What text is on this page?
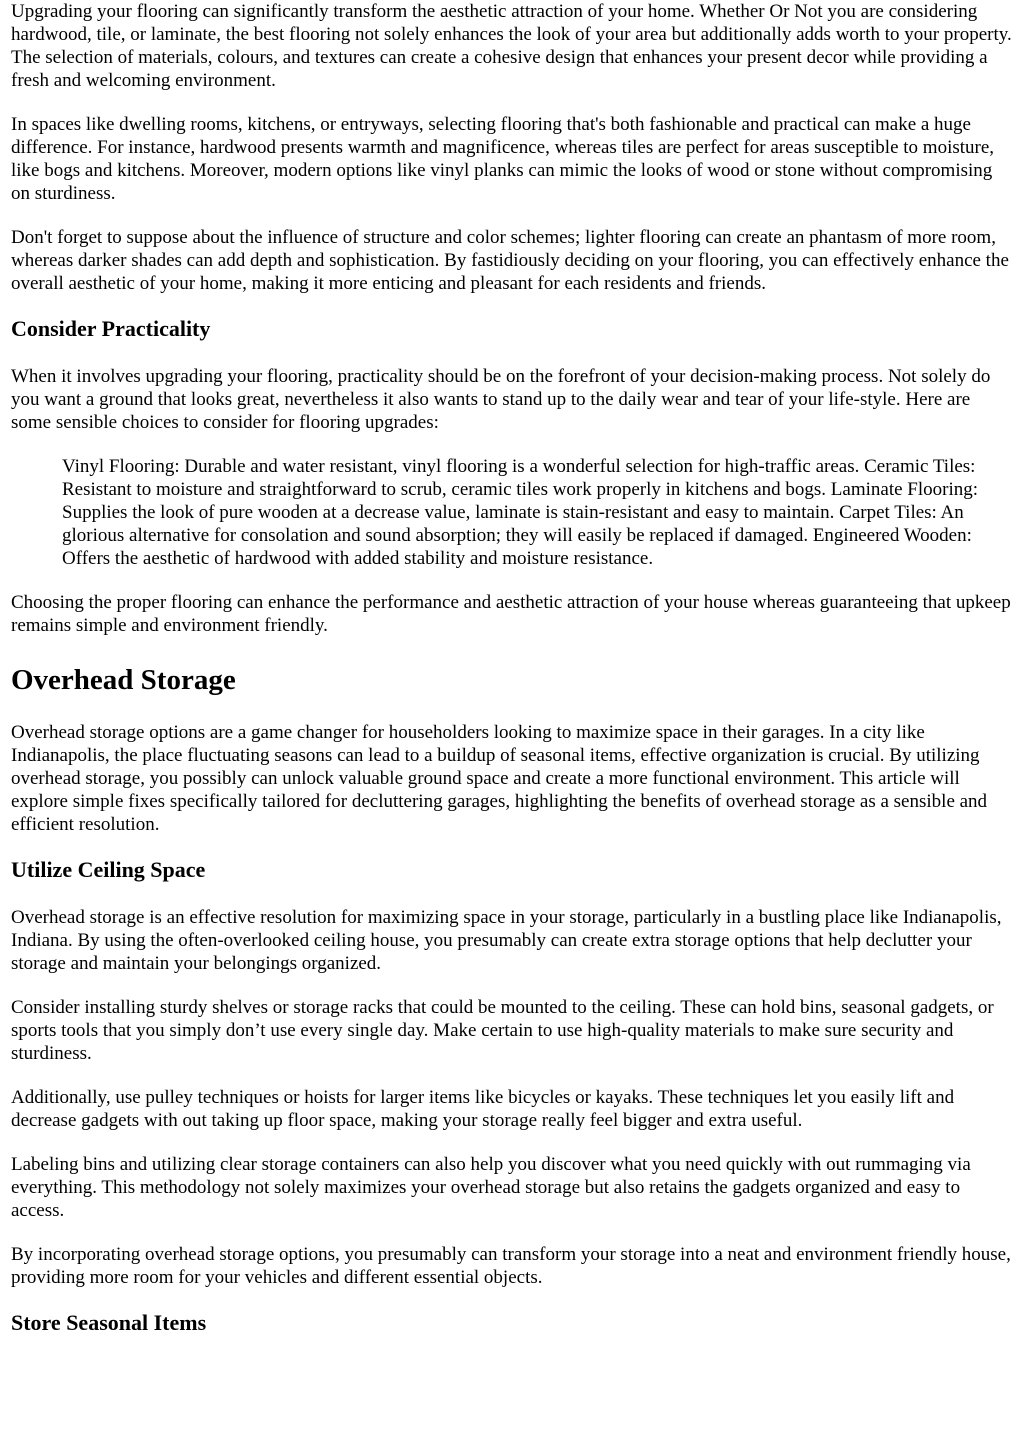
Upgrading your flooring can significantly transform the aesthetic attraction of your home. Whether Or Not you are considering hardwood, tile, or laminate, the best flooring not solely enhances the look of your area but additionally adds worth to your property. The selection of materials, colours, and textures can create a cohesive design that enhances your present decor while providing a fresh and welcoming environment.

In spaces like dwelling rooms, kitchens, or entryways, selecting flooring that's both fashionable and practical can make a huge difference. For instance, hardwood presents warmth and magnificence, whereas tiles are perfect for areas susceptible to moisture, like bogs and kitchens. Moreover, modern options like vinyl planks can mimic the looks of wood or stone without compromising on sturdiness.

Don't forget to suppose about the influence of structure and color schemes; lighter flooring can create an phantasm of more room, whereas darker shades can add depth and sophistication. By fastidiously deciding on your flooring, you can effectively enhance the overall aesthetic of your home, making it more enticing and pleasant for each residents and friends.

Consider Practicality

When it involves upgrading your flooring, practicality should be on the forefront of your decision-making process. Not solely do you want a ground that looks great, nevertheless it also wants to stand up to the daily wear and tear of your life-style. Here are some sensible choices to consider for flooring upgrades:

Vinyl Flooring: Durable and water resistant, vinyl flooring is a wonderful selection for high-traffic areas. Ceramic Tiles: Resistant to moisture and straightforward to scrub, ceramic tiles work properly in kitchens and bogs. Laminate Flooring: Supplies the look of pure wooden at a decrease value, laminate is stain-resistant and easy to maintain. Carpet Tiles: An glorious alternative for consolation and sound absorption; they will easily be replaced if damaged. Engineered Wooden: Offers the aesthetic of hardwood with added stability and moisture resistance.

Choosing the proper flooring can enhance the performance and aesthetic attraction of your house whereas guaranteeing that upkeep remains simple and environment friendly.

Overhead Storage

Overhead storage options are a game changer for householders looking to maximize space in their garages. In a city like Indianapolis, the place fluctuating seasons can lead to a buildup of seasonal items, effective organization is crucial. By utilizing overhead storage, you possibly can unlock valuable ground space and create a more functional environment. This article will explore simple fixes specifically tailored for decluttering garages, highlighting the benefits of overhead storage as a sensible and efficient resolution.

Utilize Ceiling Space

Overhead storage is an effective resolution for maximizing space in your storage, particularly in a bustling place like Indianapolis, Indiana. By using the often-overlooked ceiling house, you presumably can create extra storage options that help declutter your storage and maintain your belongings organized.

Consider installing sturdy shelves or storage racks that could be mounted to the ceiling. These can hold bins, seasonal gadgets, or sports tools that you simply don’t use every single day. Make certain to use high-quality materials to make sure security and sturdiness.

Additionally, use pulley techniques or hoists for larger items like bicycles or kayaks. These techniques let you easily lift and decrease gadgets with out taking up floor space, making your storage really feel bigger and extra useful.

Labeling bins and utilizing clear storage containers can also help you discover what you need quickly with out rummaging via everything. This methodology not solely maximizes your overhead storage but also retains the gadgets organized and easy to access.

By incorporating overhead storage options, you presumably can transform your storage into a neat and environment friendly house, providing more room for your vehicles and different essential objects.

Store Seasonal Items
